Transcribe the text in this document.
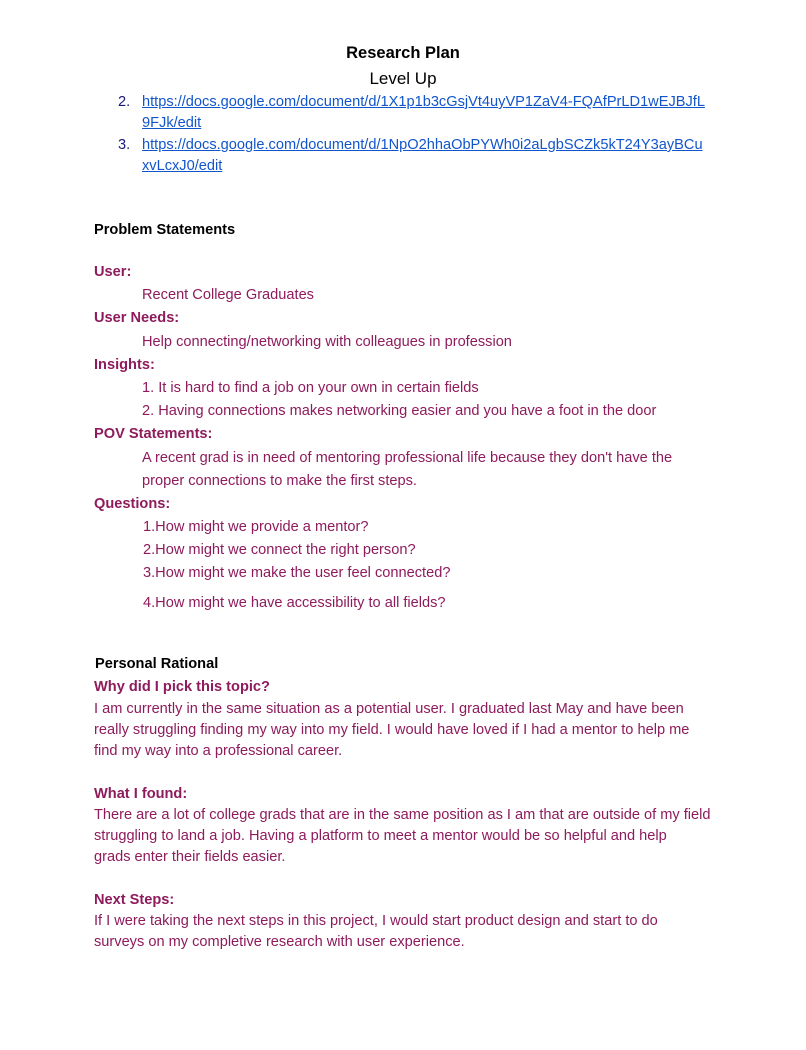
Research Plan
Level Up
2. https://docs.google.com/document/d/1X1p1b3cGsjVt4uyVP1ZaV4-FQAfPrLD1wEJBJfL
9FJk/edit
3. https://docs.google.com/document/d/1NpO2hhaObPYWh0i2aLgbSCZk5kT24Y3ayBCu
xvLcxJ0/edit
Problem Statements
User:
Recent College Graduates
User Needs:
Help connecting/networking with colleagues in profession
Insights:
1. It is hard to find a job on your own in certain fields
2. Having connections makes networking easier and you have a foot in the door
POV Statements:
A recent grad is in need of mentoring professional life because they don't have the
proper connections to make the first steps.
Questions:
1.How might we provide a mentor?
2.How might we connect the right person?
3.How might we make the user feel connected?
4.How might we have accessibility to all fields?
Personal Rational
Why did I pick this topic?
I am currently in the same situation as a potential user. I graduated last May and have been
really struggling finding my way into my field. I would have loved if I had a mentor to help me
find my way into a professional career.
What I found:
There are a lot of college grads that are in the same position as I am that are outside of my field
struggling to land a job. Having a platform to meet a mentor would be so helpful and help
grads enter their fields easier.
Next Steps:
If I were taking the next steps in this project, I would start product design and start to do
surveys on my completive research with user experience.
